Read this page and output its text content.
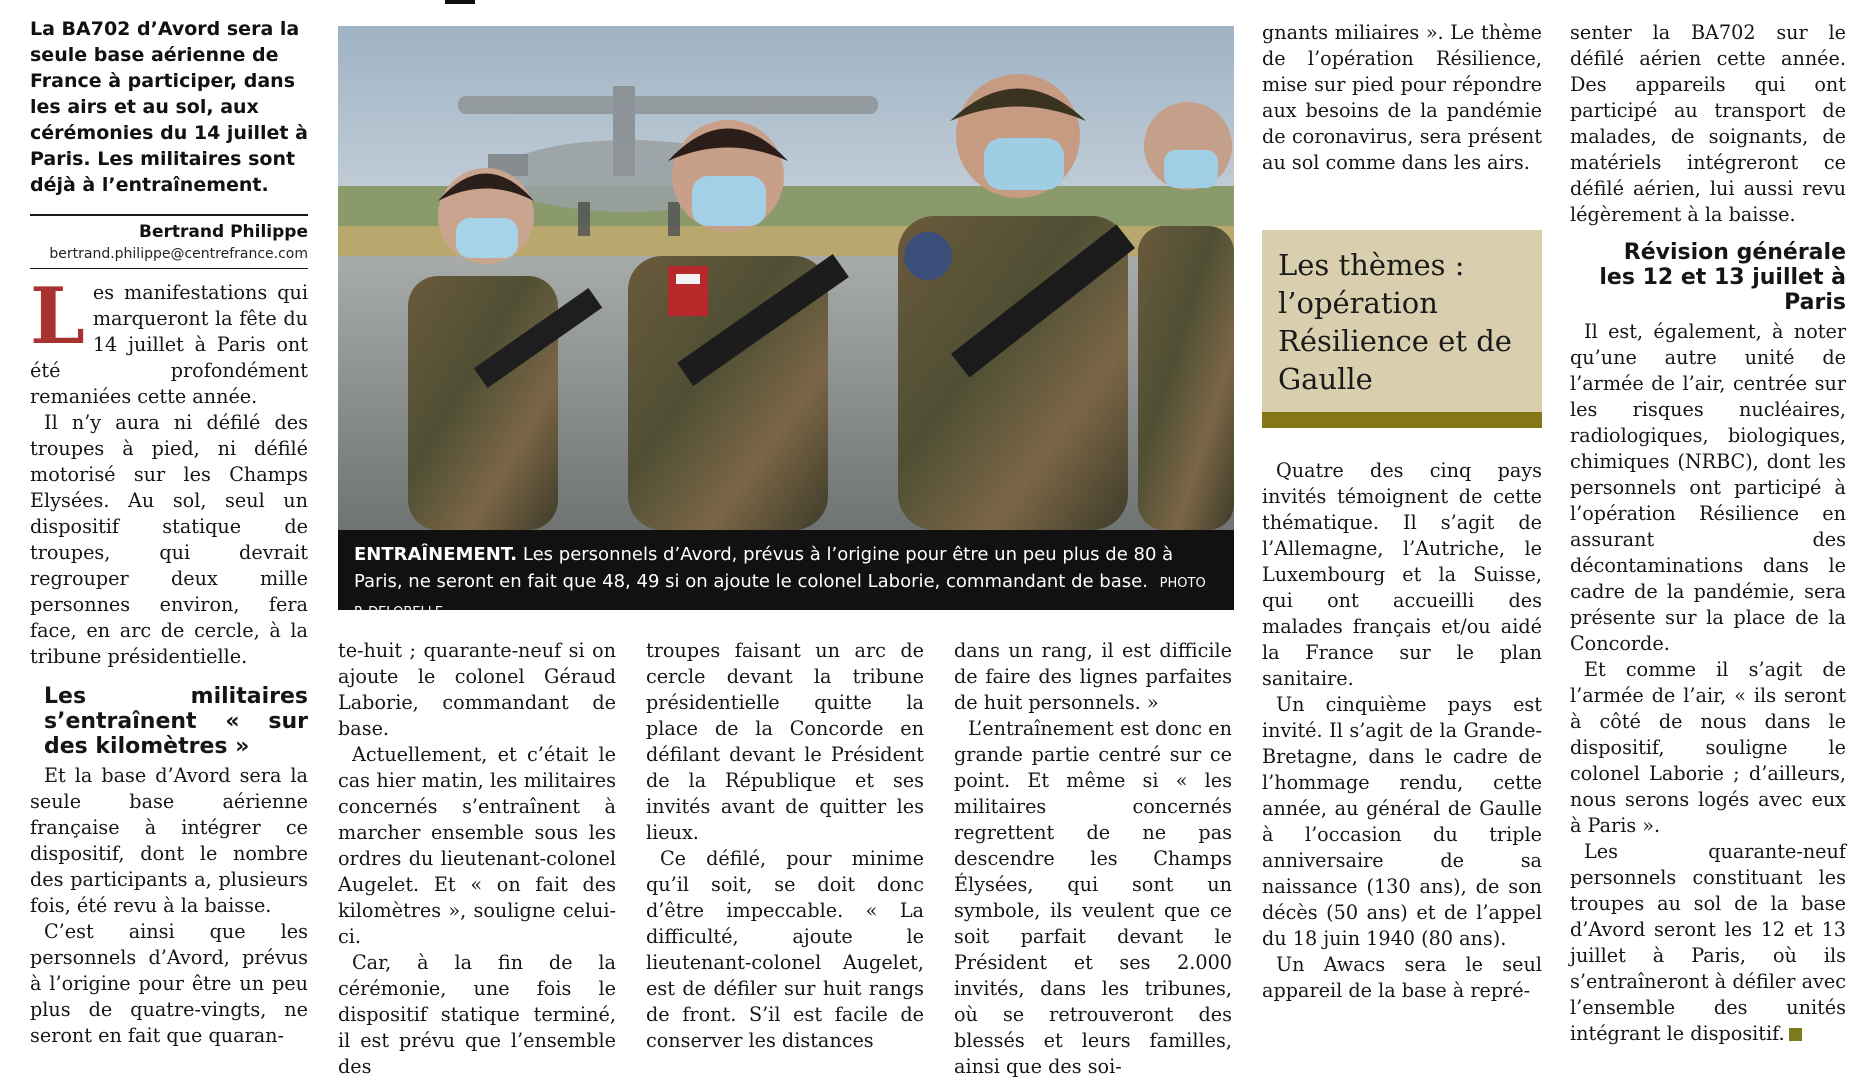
La BA702 d’Avord sera la seule base aérienne de France à participer, dans les airs et au sol, aux cérémonies du 14 juillet à Paris. Les militaires sont déjà à l’entraînement.
Bertrand Philippe
bertrand.philippe@centrefrance.com

Les manifestations qui marqueront la fête du 14 juillet à Paris ont été profondément remaniées cette année.

Il n’y aura ni défilé des troupes à pied, ni défilé motorisé sur les Champs Elysées. Au sol, seul un dispositif statique de troupes, qui devrait regrouper deux mille personnes environ, fera face, en arc de cercle, à la tribune présidentielle.

Les militaires s’entraînent « sur des kilomètres »

Et la base d’Avord sera la seule base aérienne française à intégrer ce dispositif, dont le nombre des participants a, plusieurs fois, été revu à la baisse.

C’est ainsi que les personnels d’Avord, prévus à l’origine pour être un peu plus de quatre-vingts, ne seront en fait que quaran-

ENTRAÎNEMENT. Les personnels d’Avord, prévus à l’origine pour être un peu plus de 80 à Paris, ne seront en fait que 48, 49 si on ajoute le colonel Laborie, commandant de base. PHOTO P. DELOBELLE

te-huit ; quarante-neuf si on ajoute le colonel Géraud Laborie, commandant de base.

Actuellement, et c’était le cas hier matin, les militaires concernés s’entraînent à marcher ensemble sous les ordres du lieutenant-colonel Augelet. Et « on fait des kilomètres », souligne celui-ci.

Car, à la fin de la cérémonie, une fois le dispositif statique terminé, il est prévu que l’ensemble des

troupes faisant un arc de cercle devant la tribune présidentielle quitte la place de la Concorde en défilant devant le Président de la République et ses invités avant de quitter les lieux.

Ce défilé, pour minime qu’il soit, se doit donc d’être impeccable. « La difficulté, ajoute le lieutenant-colonel Augelet, est de défiler sur huit rangs de front. S’il est facile de conserver les distances

dans un rang, il est difficile de faire des lignes parfaites de huit personnels. »

L’entraînement est donc en grande partie centré sur ce point. Et même si « les militaires concernés regrettent de ne pas descendre les Champs Élysées, qui sont un symbole, ils veulent que ce soit parfait devant le Président et ses 2.000 invités, dans les tribunes, où se retrouveront des blessés et leurs familles, ainsi que des soi-

gnants miliaires ». Le thème de l’opération Résilience, mise sur pied pour répondre aux besoins de la pandémie de coronavirus, sera présent au sol comme dans les airs.

Les thèmes : l’opération Résilience et de Gaulle

Quatre des cinq pays invités témoignent de cette thématique. Il s’agit de l’Allemagne, l’Autriche, le Luxembourg et la Suisse, qui ont accueilli des malades français et/ou aidé la France sur le plan sanitaire.

Un cinquième pays est invité. Il s’agit de la Grande-Bretagne, dans le cadre de l’hommage rendu, cette année, au général de Gaulle à l’occasion du triple anniversaire de sa naissance (130 ans), de son décès (50 ans) et de l’appel du 18 juin 1940 (80 ans).

Un Awacs sera le seul appareil de la base à repré-

senter la BA702 sur le défilé aérien cette année. Des appareils qui ont participé au transport de malades, de soignants, de matériels intégreront ce défilé aérien, lui aussi revu légèrement à la baisse.

Révision générale les 12 et 13 juillet à Paris

Il est, également, à noter qu’une autre unité de l’armée de l’air, centrée sur les risques nucléaires, radiologiques, biologiques, chimiques (NRBC), dont les personnels ont participé à l’opération Résilience en assurant des décontaminations dans le cadre de la pandémie, sera présente sur la place de la Concorde.

Et comme il s’agit de l’armée de l’air, « ils seront à côté de nous dans le dispositif, souligne le colonel Laborie ; d’ailleurs, nous serons logés avec eux à Paris ».

Les quarante-neuf personnels constituant les troupes au sol de la base d’Avord seront les 12 et 13 juillet à Paris, où ils s’entraîneront à défiler avec l’ensemble des unités intégrant le dispositif.
